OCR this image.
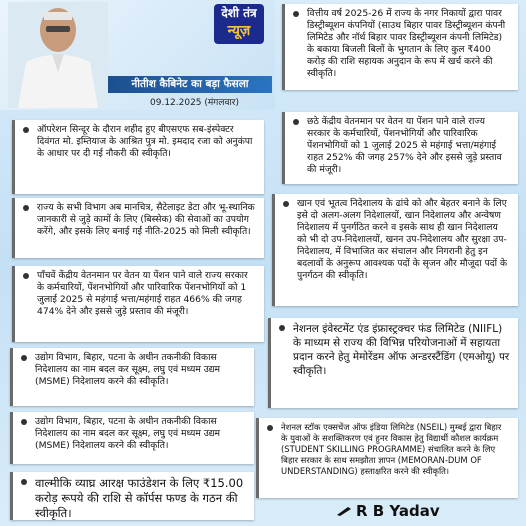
देशी तंत्र
न्यूज़
नीतीश कैबिनेट का बड़ा फैसला
09.12.2025 (मंगलवार)
वित्तीय वर्ष 2025-26 में राज्य के नगर निकायों द्वारा पावर डिस्ट्रीब्यूशन कंपनियों (साउथ बिहार पावर डिस्ट्रीब्यूशन कंपनी लिमिटेड और नॉर्थ बिहार पावर डिस्ट्रीब्यूशन कंपनी लिमिटेड) के बकाया बिजली बिलों के भुगतान के लिए कुल ₹400 करोड़ की राशि सहायक अनुदान के रूप में खर्च करने की स्वीकृति।
छठे केंद्रीय वेतनमान पर वेतन या पेंशन पाने वाले राज्य सरकार के कर्मचारियों, पेंशनभोगियों और पारिवारिक पेंशनभोगियों को 1 जुलाई 2025 से महंगाई भत्ता/महंगाई राहत 252% की जगह 257% देने और इससे जुड़े प्रस्ताव की मंजूरी।
खान एवं भूतत्व निदेशालय के ढांचे को और बेहतर बनाने के लिए इसे दो अलग-अलग निदेशालयों, खान निदेशालय और अन्वेषण निदेशालय में पुनर्गठित करने व इसके साथ ही खान निदेशालय को भी दो उप-निदेशालयों, खनन उप-निदेशालय और सुरक्षा उप-निदेशालय, में विभाजित कर संचालन और निगरानी हेतु इन बदलावों के अनुरूप आवश्यक पदों के सृजन और मौजूदा पदों के पुनर्गठन की स्वीकृति।
नेशनल इंवेस्टमेंट एंड इंफ्रास्ट्रक्चर फंड लिमिटेड (NIIFL) के माध्यम से राज्य की विभिन्न परियोजनाओं में सहायता प्रदान करने हेतु मेमोरेंडम ऑफ अन्डरस्टैंडिंग (एमओयू) पर स्वीकृति।
नेशनल स्टॉक एक्सचेंज ऑफ इंडिया लिमिटेड (NSEIL) मुम्बई द्वारा बिहार के युवाओं के सशक्तिकरण एवं हुनर विकास हेतु विद्यार्थी कौशल कार्यक्रम (STUDENT SKILLING PROGRAMME) संचालित करने के लिए बिहार सरकार के साथ समझौता ज्ञापन (MEMORAN-DUM OF UNDERSTANDING) हस्ताक्षरित करने की स्वीकृति।
ऑपरेशन सिन्दूर के दौरान शहीद हुए बीएसएफ सब-इंस्पेक्टर दिवंगत मो. इम्तियाज के आश्रित पुत्र मो. इमदाद रजा को अनुकंपा के आधार पर दी गई नौकरी की स्वीकृति।
राज्य के सभी विभाग अब मानचित्र, सैटेलाइट डेटा और भू-स्थानिक जानकारी से जुड़े कामों के लिए (बिस्सेक) की सेवाओं का उपयोग करेंगे, और इसके लिए बनाई गई नीति-2025 को मिली स्वीकृति।
पाँचवें केंद्रीय वेतनमान पर वेतन या पेंशन पाने वाले राज्य सरकार के कर्मचारियों, पेंशनभोगियों और पारिवारिक पेंशनभोगियों को 1 जुलाई 2025 से महंगाई भत्ता/महंगाई राहत 466% की जगह 474% देने और इससे जुड़े प्रस्ताव की मंजूरी।
उद्योग विभाग, बिहार, पटना के अधीन तकनीकी विकास निदेशालय का नाम बदल कर सूक्ष्म, लघु एवं मध्यम उद्यम (MSME) निदेशालय करने की स्वीकृति।
उद्योग विभाग, बिहार, पटना के अधीन तकनीकी विकास निदेशालय का नाम बदल कर सूक्ष्म, लघु एवं मध्यम उद्यम (MSME) निदेशालय करने की स्वीकृति।
वाल्मीकि व्याघ्र आरक्ष फाउंडेशन के लिए ₹15.00 करोड़ रूपये की राशि से कॉर्पस फण्ड के गठन की स्वीकृति।	R B Yadav
